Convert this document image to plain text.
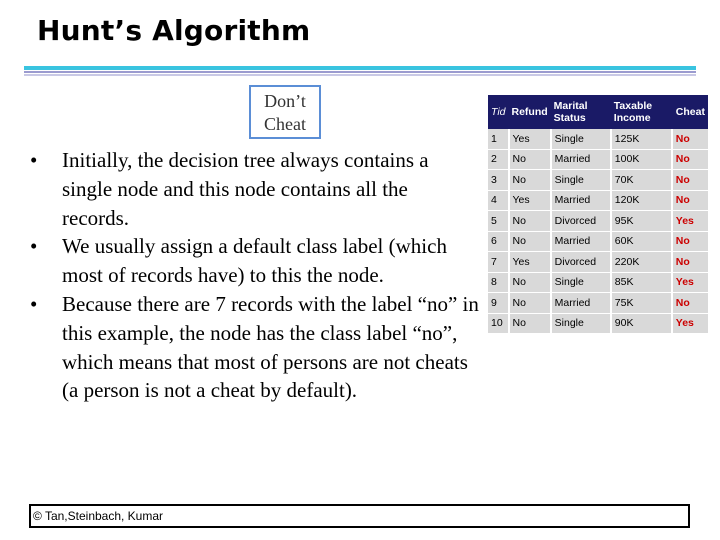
Hunt’s Algorithm
Don’t
Cheat
• Initially, the decision tree always contains a single node and this node contains all the records.
• We usually assign a default class label (which most of records have) to this the node.
• Because there are 7 records with the label “no” in this example, the node has the class label “no”, which means that most of persons are not cheats (a person is not a cheat by default).
Tid	Refund	Marital Status	Taxable Income	Cheat
1	Yes	Single	125K	No
2	No	Married	100K	No
3	No	Single	70K	No
4	Yes	Married	120K	No
5	No	Divorced	95K	Yes
6	No	Married	60K	No
7	Yes	Divorced	220K	No
8	No	Single	85K	Yes
9	No	Married	75K	No
10	No	Single	90K	Yes
© Tan,Steinbach, Kumar
